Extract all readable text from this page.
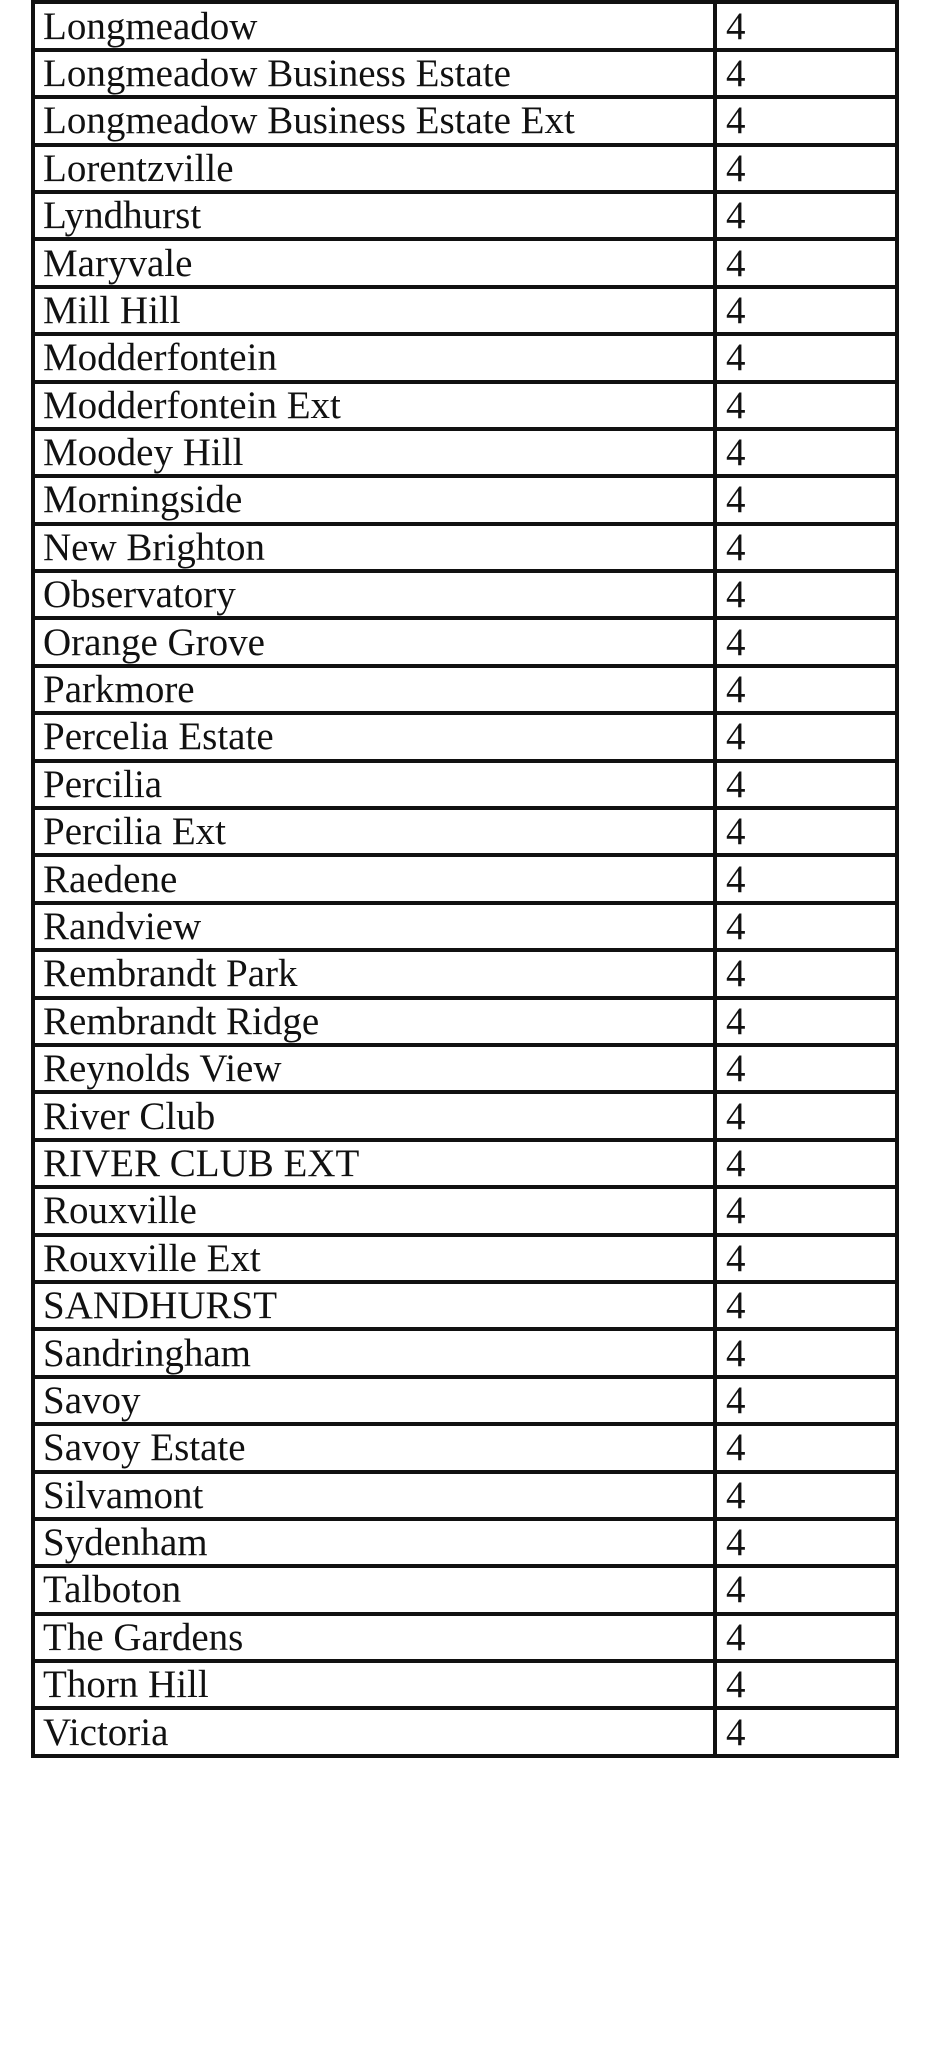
Longmeadow	4
Longmeadow Business Estate	4
Longmeadow Business Estate Ext	4
Lorentzville	4
Lyndhurst	4
Maryvale	4
Mill Hill	4
Modderfontein	4
Modderfontein Ext	4
Moodey Hill	4
Morningside	4
New Brighton	4
Observatory	4
Orange Grove	4
Parkmore	4
Percelia Estate	4
Percilia	4
Percilia Ext	4
Raedene	4
Randview	4
Rembrandt Park	4
Rembrandt Ridge	4
Reynolds View	4
River Club	4
RIVER CLUB EXT	4
Rouxville	4
Rouxville Ext	4
SANDHURST	4
Sandringham	4
Savoy	4
Savoy Estate	4
Silvamont	4
Sydenham	4
Talboton	4
The Gardens	4
Thorn Hill	4
Victoria	4
